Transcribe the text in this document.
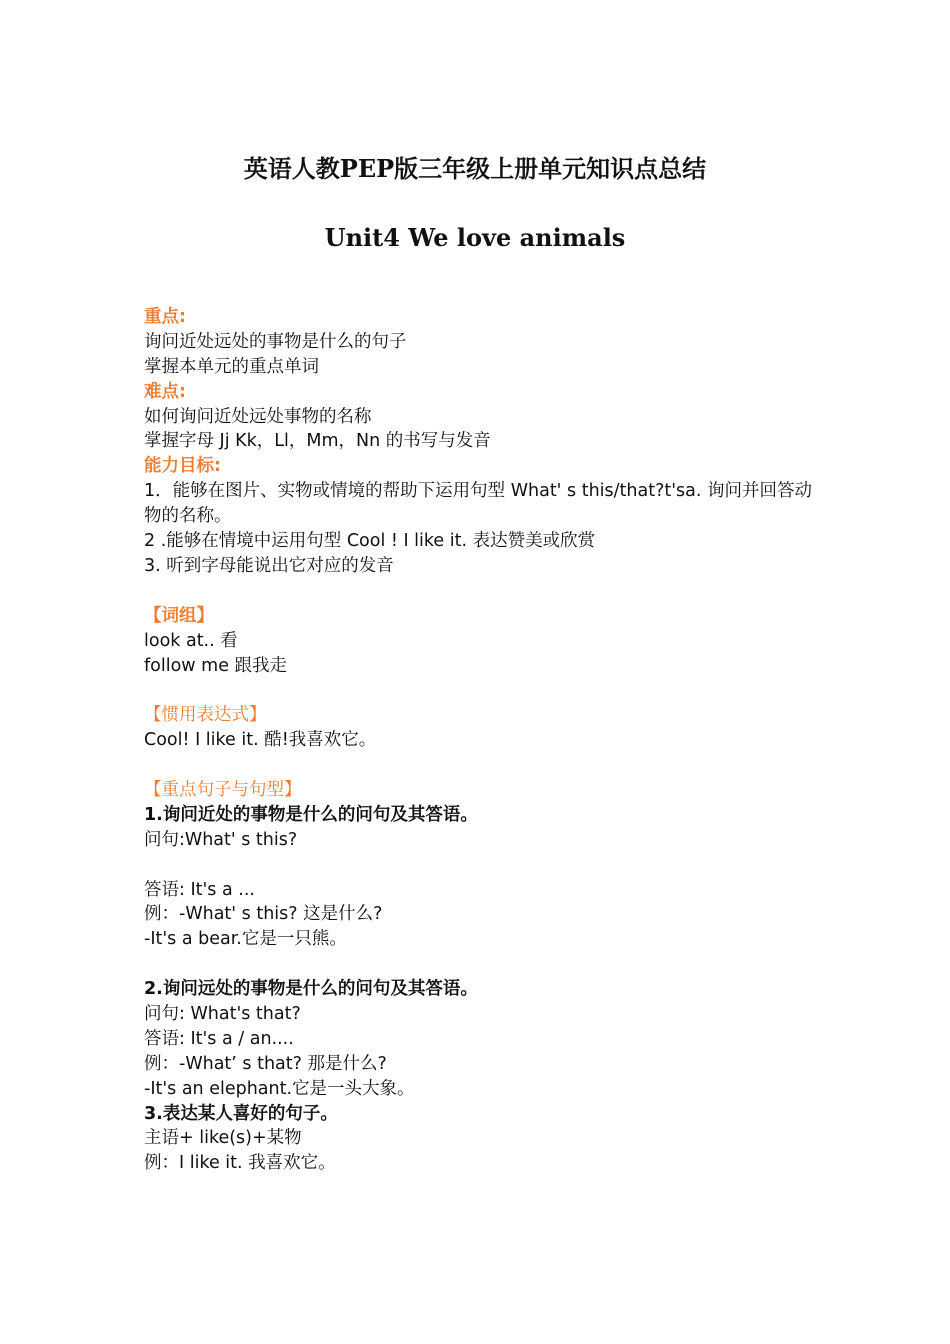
英语人教PEP版三年级上册单元知识点总结
Unit4 We love animals
重点:
询问近处远处的事物是什么的句子
掌握本单元的重点单词
难点:
如何询问近处远处事物的名称
掌握字母 Jj Kk，Ll，Mm，Nn 的书写与发音
能力目标:
1．能够在图片、实物或情境的帮助下运用句型 What' s this/that?t'sa. 询问并回答动物的名称。
2 .能够在情境中运用句型 Cool ! I like it. 表达赞美或欣赏
3. 听到字母能说出它对应的发音
【词组】
look at.. 看
follow me 跟我走
【惯用表达式】
Cool! I like it. 酷!我喜欢它。
【重点句子与句型】
1.询问近处的事物是什么的问句及其答语。
问句:What' s this?
答语: It's a ...
例：-What' s this? 这是什么?
-It's a bear.它是一只熊。
2.询问远处的事物是什么的问句及其答语。
问句: What's that?
答语: It's a / an....
例：-What’ s that? 那是什么?
-It's an elephant.它是一头大象。
3.表达某人喜好的句子。
主语+ like(s)+某物
例：I like it. 我喜欢它。
